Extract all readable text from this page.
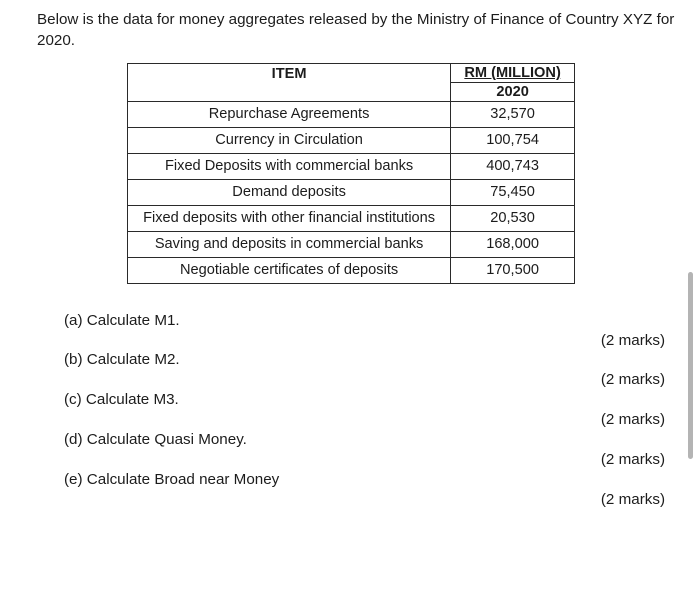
Below is the data for money aggregates released by the Ministry of Finance of Country XYZ for 2020.

ITEM	RM (MILLION)
2020

Repurchase Agreements	32,570
Currency in Circulation	100,754
Fixed Deposits with commercial banks	400,743
Demand deposits	75,450
Fixed deposits with other financial institutions	20,530
Saving and deposits in commercial banks	168,000
Negotiable certificates of deposits	170,500
(a) Calculate M1.
(2 marks)
(b) Calculate M2.
(2 marks)
(c) Calculate M3.
(2 marks)
(d) Calculate Quasi Money.
(2 marks)
(e) Calculate Broad near Money
(2 marks)
